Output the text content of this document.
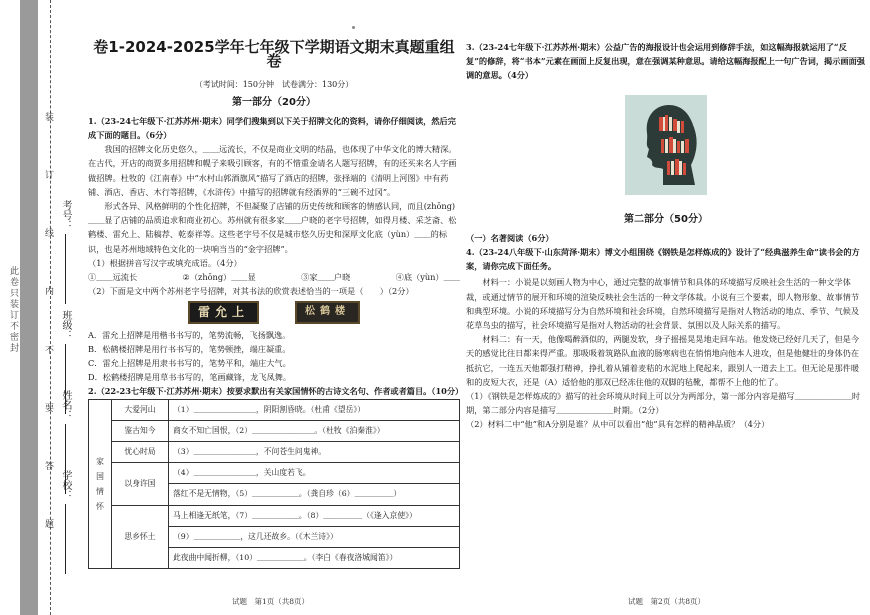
此卷只装订不密封
装
订
线
内
不
要
答
题
考号：
班级：
姓名：
学校：
卷1-2024-2025学年七年级下学期语文期末真题重组卷
（考试时间：150分钟　试卷满分：130分）
第一部分（20分）
1.（23-24七年级下·江苏苏州·期末）同学们搜集到以下关于招牌文化的资料，请你仔细阅读，然后完成下面的题目。（6分）
我国的招牌文化历史悠久，＿＿远流长，不仅是商业文明的结晶，也体现了中华文化的博大精深。在古代，开店的商贾多用招牌和幌子来吸引顾客，有的不惜重金请名人题写招牌，有的还买来名人字画做招牌。杜牧的《江南春》中“水村山郭酒旗风”描写了酒店的招牌，张择端的《清明上河图》中有药铺、酒店、香店、木行等招牌，《水浒传》中描写的招牌就有经酒界的“三碗不过冈”。
形式各异、风格鲜明的个性化招牌，不但凝聚了店铺的历史传统和顾客的情感认同，而且(zhōng)＿＿显了店铺的品质追求和商业初心。苏州就有很多家＿＿户晓的老字号招牌，如得月楼、采芝斋、松鹤楼、雷允上、陆稿荐、乾泰祥等。这些老字号不仅是城市悠久历史和深厚文化底（yùn）＿＿的标识，也是苏州地域特色文化的一块响当当的“金字招牌”。
（1）根据拼音写汉字或填充成语。（4分）
①＿＿远流长	②（zhōng）＿＿显	③家＿＿户晓	④底（yùn）＿＿
（2）下面是文中两个苏州老字号招牌，对其书法的欣赏表述恰当的一项是（　　）（2分）
雷允上	松鹤楼
A．雷允上招牌是用楷书书写的，笔势流畅，飞扬飘逸。
B．松鹤楼招牌是用行书书写的，笔势顿挫，端庄凝重。
C．雷允上招牌是用隶书书写的，笔势平和，端庄大气。
D．松鹤楼招牌是用草书书写的，笔画藏锋，龙飞凤舞。
2.（22-23七年级下·江苏苏州·期末）按要求默出有关家国情怀的古诗文名句、作者或者篇目。（10分）
家国情怀	大爱河山	（1）＿＿＿＿＿＿＿＿，阴阳割昏晓。（杜甫《望岳》）
	鉴古知今	商女不知亡国恨，（2）＿＿＿＿＿＿＿＿。（杜牧《泊秦淮》）
	忧心时局	（3）＿＿＿＿＿＿＿＿，不问苍生问鬼神。
	以身许国	（4）＿＿＿＿＿＿＿＿，关山度若飞。
		落红不是无情物，（5）＿＿＿＿＿＿。（龚自珍（6）＿＿＿＿＿）
	思乡怀土	马上相逢无纸笔，（7）＿＿＿＿＿＿。（8）＿＿＿＿＿（《逢入京使》）
		（9）＿＿＿＿＿＿，这几还故乡。（《木兰诗》）
		此夜曲中闻折柳，（10）＿＿＿＿＿＿。（李白《春夜洛城闻笛》）
3.（23-24七年级下·江苏苏州·期末）公益广告的海报设计也会运用到修辞手法，如这幅海报就运用了“反复”的修辞，将“书本”元素在画面上反复出现，意在强调某种意思。请给这幅海报配上一句广告词，揭示画面强调的意思。（4分）
第二部分（50分）
（一）名著阅读（6分）
4.（23-24八年级下·山东菏泽·期末）博文小组围绕《钢铁是怎样炼成的》设计了“经典滋养生命”读书会的方案，请你完成下面任务。
材料一：小说是以刻画人物为中心，通过完整的故事情节和具体的环境描写反映社会生活的一种文学体裁，或通过情节的展开和环境的渲染反映社会生活的一种文学体裁。小说有三个要素，即人物形象、故事情节和典型环境。小说的环境描写分为自然环境和社会环境，自然环境描写是指对人物活动的地点、季节、气候及花草鸟虫的描写，社会环境描写是指对人物活动的社会背景、氛围以及人际关系的描写。
材料二：有一天，他像喝醉酒似的，两腿发软，身子摇摇晃晃地走回车站。他发烧已经好几天了，但是今天的感觉比往日都来得严重。那吸吸着筑路队血液的肠寒病也在悄悄地向他本人进攻，但是他健壮的身体仍在抵抗它，一连五天他都强打精神，挣扎着从铺着麦秸的水泥地上爬起来，跟别人一道去上工。但无论是那件暖和的皮短大衣，还是（A）适恰他的那双已经冻住他的双脚的毡靴，都帮不上他的忙了。
（1）《钢铁是怎样炼成的》描写的社会环境从时间上可以分为两部分，第一部分内容是描写＿＿＿＿＿＿＿时期，第二部分内容是描写＿＿＿＿＿＿＿时期。（2分）
（2）材料二中“他”和A分别是谁？从中可以看出“他”具有怎样的精神品质？（4分）
试题　第1页（共8页）	试题　第2页（共8页）
